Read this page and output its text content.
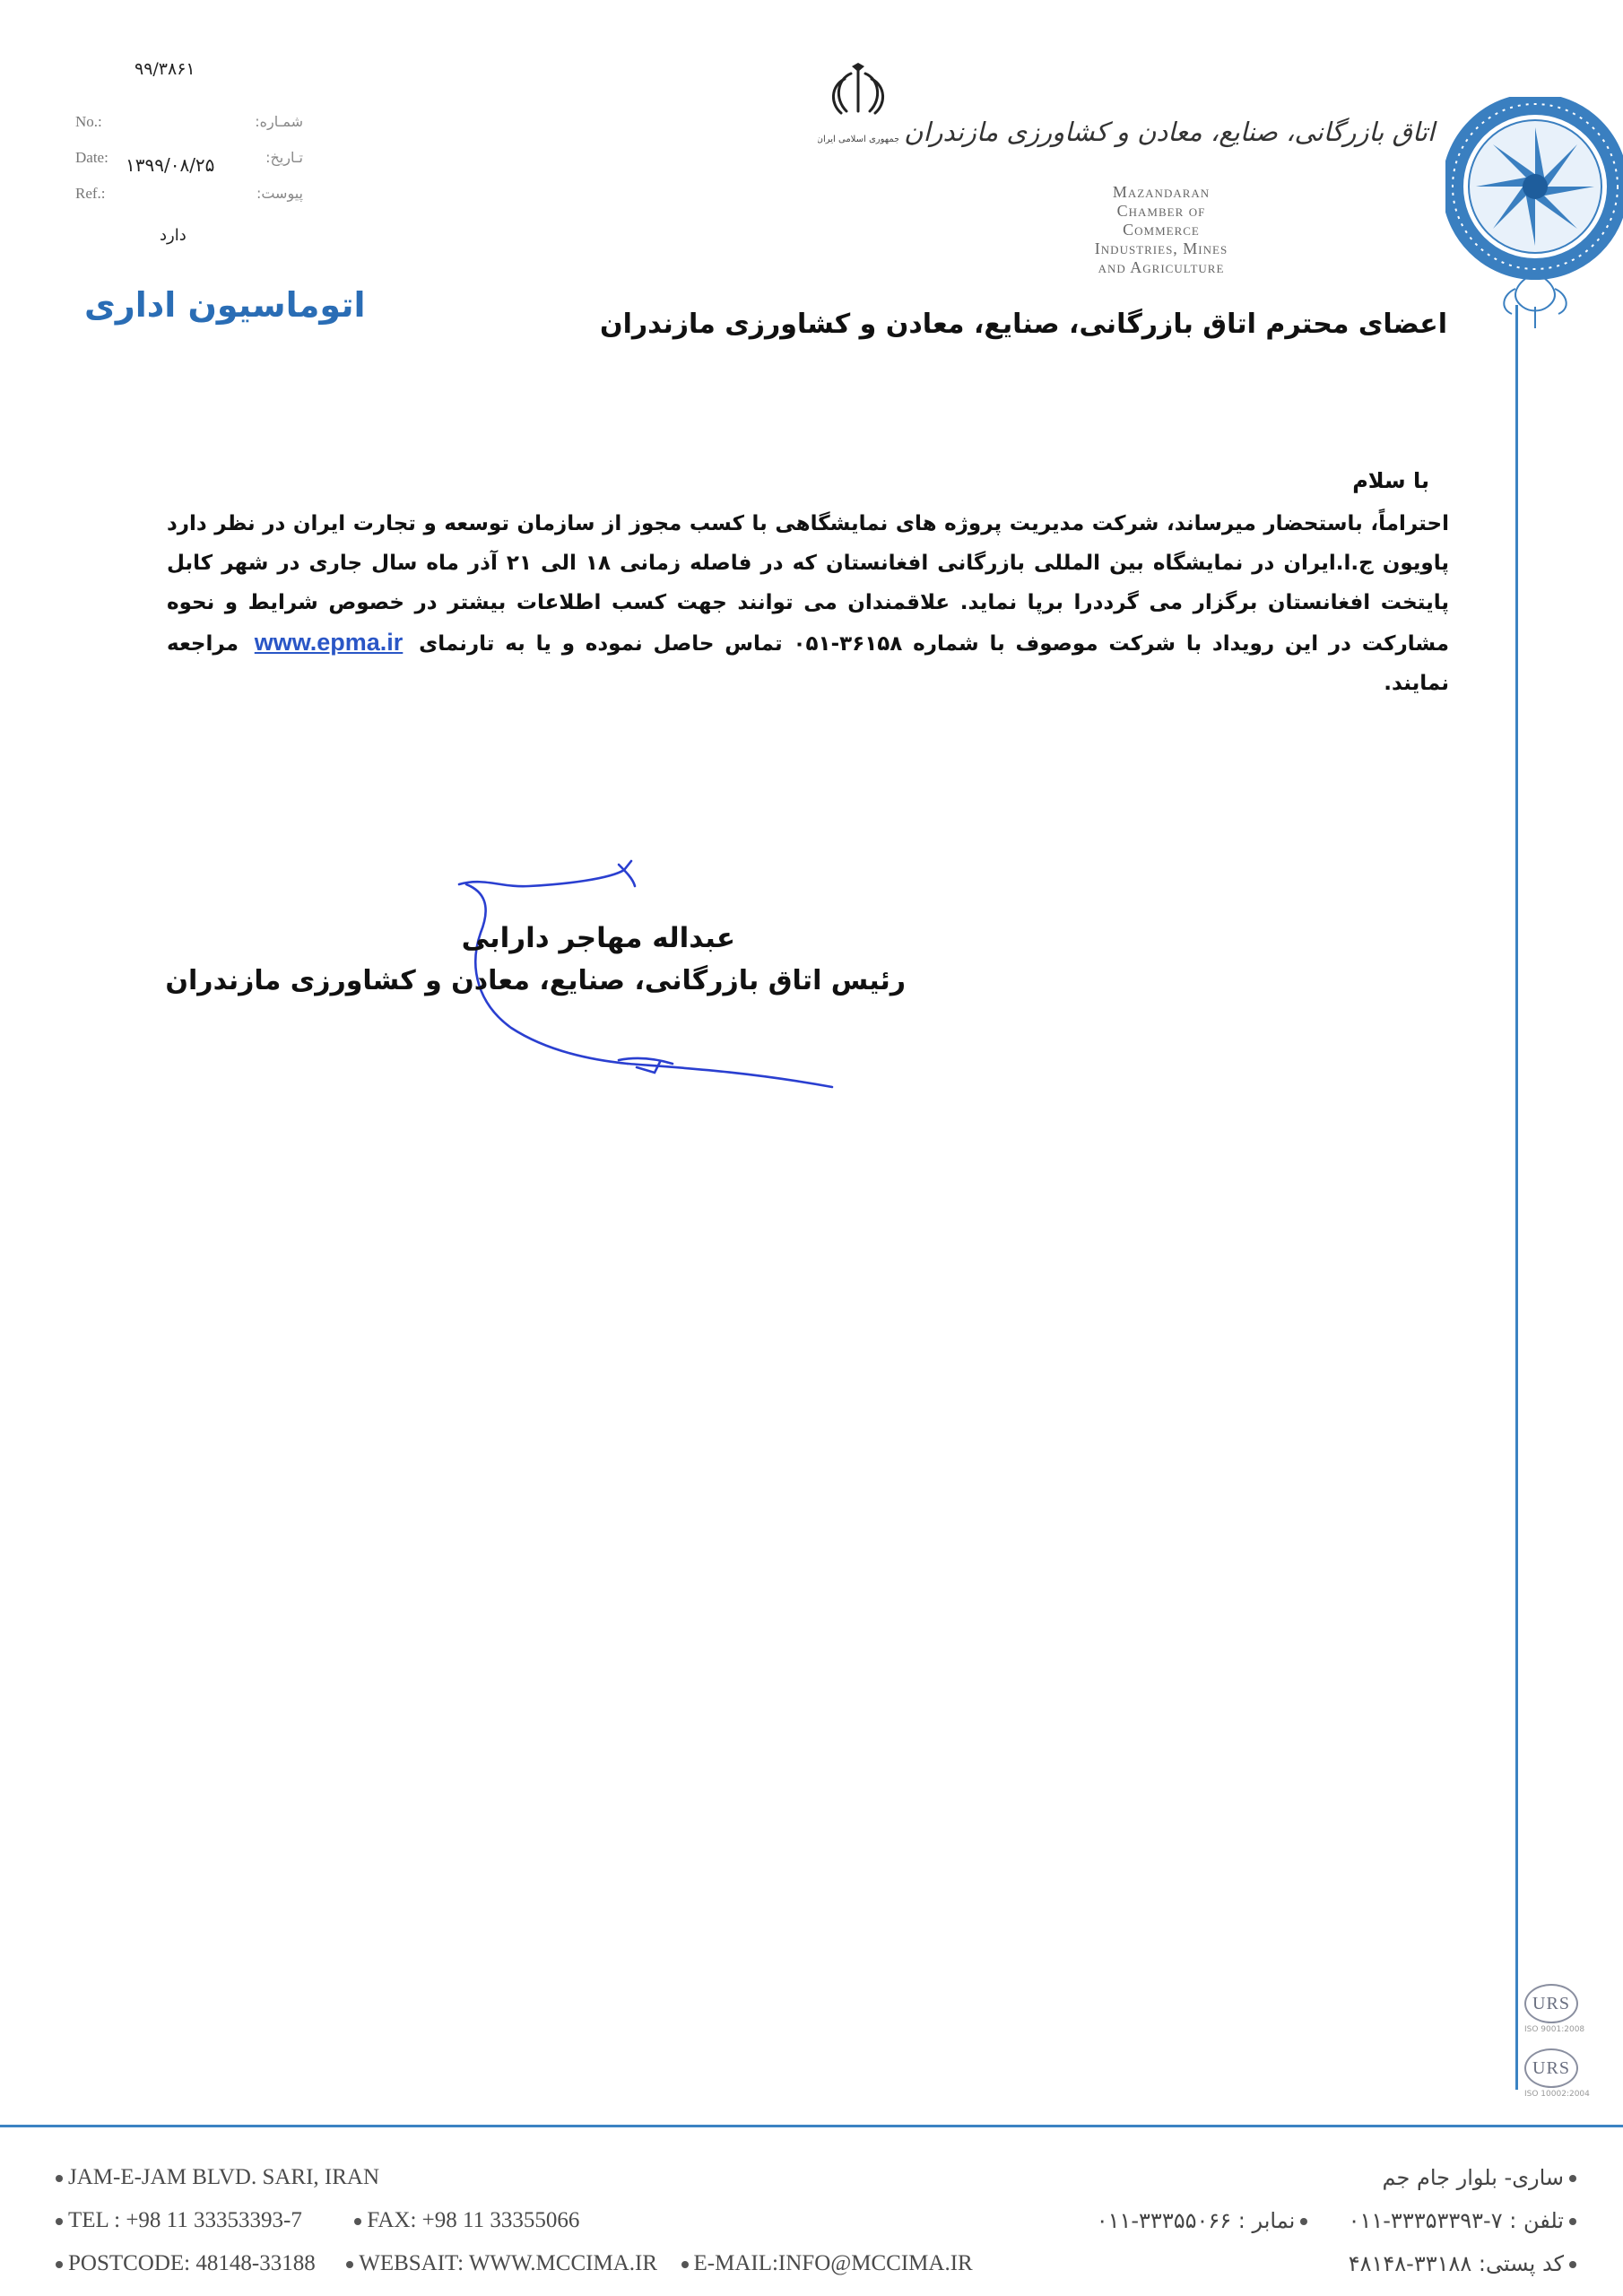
۹۹/۳۸۶۱
No.:
Date:
Ref.:
شمـاره:
تـاریخ:
پیوست:
۱۳۹۹/۰۸/۲۵
دارد
اتوماسیون اداری
جمهوری اسلامی ایران اتاق بازرگانی، صنایع، معادن و کشاورزی مازندران
Mazandaran Chamber of
Commerce Industries, Mines
and Agriculture
اعضای محترم اتاق بازرگانی، صنایع، معادن و کشاورزی مازندران
با سلام
احتراماً، باستحضار میرساند، شرکت مدیریت پروژه های نمایشگاهی با کسب مجوز از سازمان توسعه و تجارت ایران در نظر دارد پاویون ج.ا.ایران در نمایشگاه بین المللی بازرگانی افغانستان که در فاصله زمانی ۱۸ الی ۲۱ آذر ماه سال جاری در شهر کابل پایتخت افغانستان برگزار می گرددرا برپا نماید. علاقمندان می توانند جهت کسب اطلاعات بیشتر در خصوص شرایط و نحوه مشارکت در این رویداد با شرکت موصوف با شماره ۳۶۱۵۸-۰۵۱ تماس حاصل نموده و یا به تارنمای www.epma.ir مراجعه نمایند.
عبداله مهاجر دارابی
رئیس اتاق بازرگانی، صنایع، معادن و کشاورزی مازندران
URS
ISO 9001:2008
URS
ISO 10002:2004
JAM-E-JAM BLVD. SARI, IRAN
TEL : +98 11 33353393-7	FAX: +98 11 33355066
POSTCODE: 48148-33188 WEBSAIT: WWW.MCCIMA.IR E-MAIL:INFO@MCCIMA.IR
ساری- بلوار جام جم
تلفن : ۷-۳۳۳۵۳۳۹۳-۰۱۱  نمابر : ۳۳۳۵۵۰۶۶-۰۱۱
کد پستی: ۳۳۱۸۸-۴۸۱۴۸
